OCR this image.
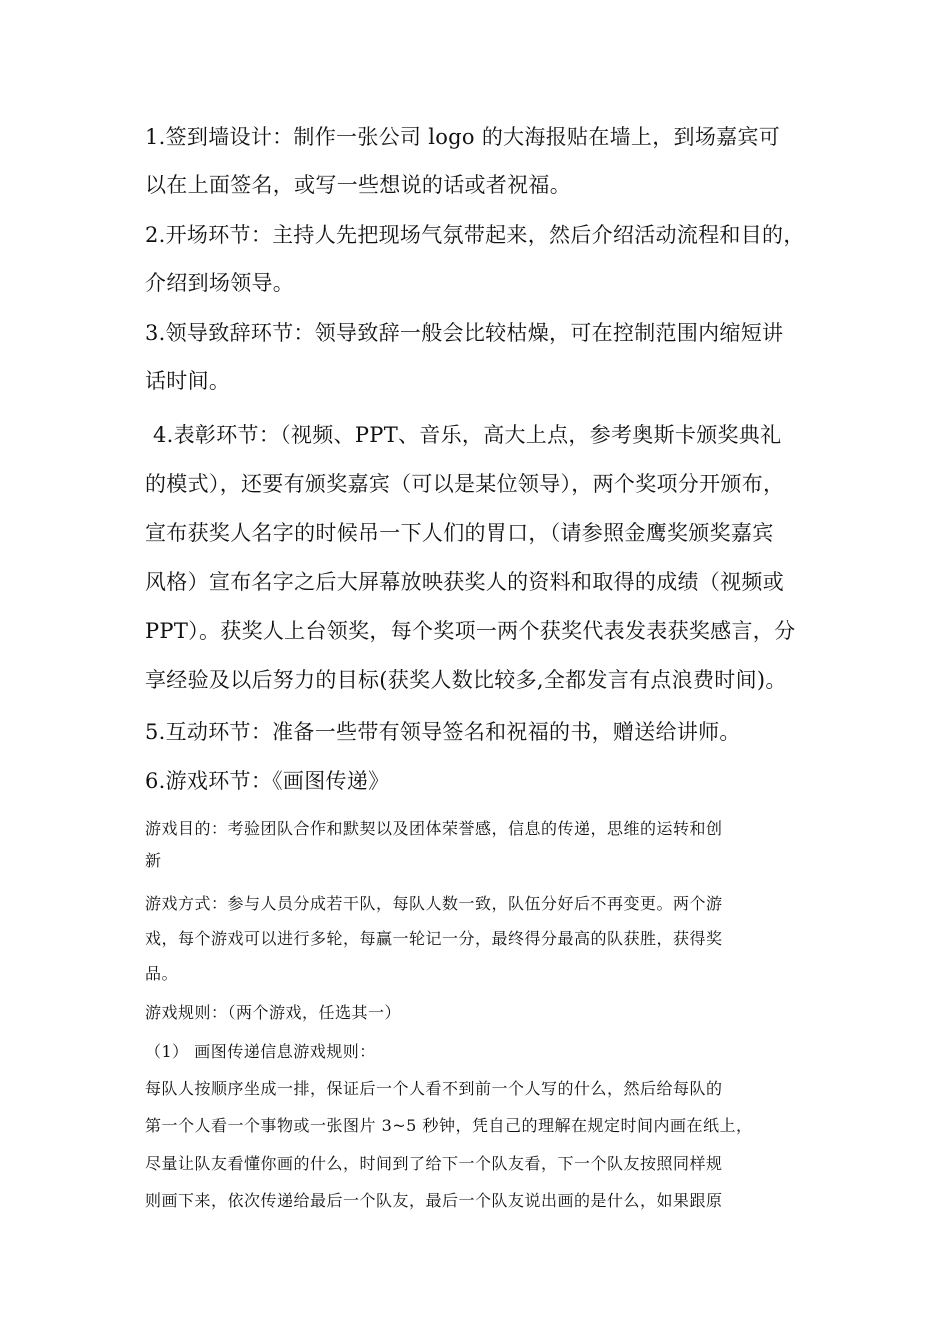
1.签到墙设计：制作一张公司 logo 的大海报贴在墙上，到场嘉宾可
以在上面签名，或写一些想说的话或者祝福。
2.开场环节：主持人先把现场气氛带起来，然后介绍活动流程和目的，
介绍到场领导。
3.领导致辞环节：领导致辞一般会比较枯燥，可在控制范围内缩短讲
话时间。
4.表彰环节：（视频、PPT、音乐，高大上点，参考奥斯卡颁奖典礼
的模式），还要有颁奖嘉宾（可以是某位领导），两个奖项分开颁布，
宣布获奖人名字的时候吊一下人们的胃口，（请参照金鹰奖颁奖嘉宾
风格）宣布名字之后大屏幕放映获奖人的资料和取得的成绩（视频或
PPT）。获奖人上台领奖，每个奖项一两个获奖代表发表获奖感言，分
享经验及以后努力的目标(获奖人数比较多,全都发言有点浪费时间)。
5.互动环节：准备一些带有领导签名和祝福的书，赠送给讲师。
6.游戏环节：《画图传递》
游戏目的：考验团队合作和默契以及团体荣誉感，信息的传递，思维的运转和创
新
游戏方式：参与人员分成若干队，每队人数一致，队伍分好后不再变更。两个游
戏，每个游戏可以进行多轮，每赢一轮记一分，最终得分最高的队获胜，获得奖
品。
游戏规则：（两个游戏，任选其一）
（1） 画图传递信息游戏规则：
每队人按顺序坐成一排，保证后一个人看不到前一个人写的什么，然后给每队的
第一个人看一个事物或一张图片 3~5 秒钟，凭自己的理解在规定时间内画在纸上，
尽量让队友看懂你画的什么，时间到了给下一个队友看，下一个队友按照同样规
则画下来，依次传递给最后一个队友，最后一个队友说出画的是什么，如果跟原
